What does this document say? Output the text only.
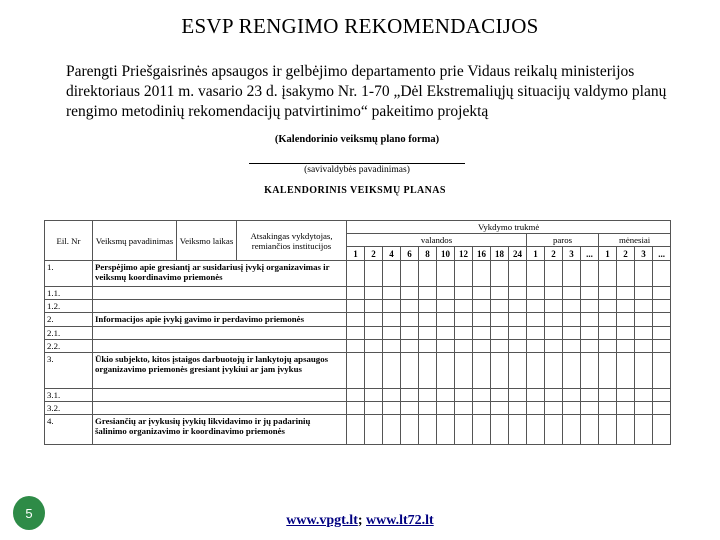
ESVP RENGIMO REKOMENDACIJOS
Parengti Priešgaisrinės apsaugos ir gelbėjimo departamento prie Vidaus reikalų ministerijos direktoriaus 2011 m. vasario 23 d. įsakymo Nr. 1-70 „Dėl Ekstremaliųjų situacijų valdymo planų rengimo metodinių rekomendacijų patvirtinimo“ pakeitimo projektą
(Kalendorinio veiksmų plano forma)
(savivaldybės pavadinimas)
KALENDORINIS VEIKSMŲ PLANAS
Eil. Nr	Veiksmų pavadinimas	Veiksmo laikas	Atsakingas vykdytojas, remiančios institucijos	Vykdymo trukmė																	
				valandos										paros				mėnesiai			
				1	2	4	6	8	10	12	16	18	24	1	2	3	...	1	2	3	...
1.	Perspėjimo apie gresiantį ar susidariusį įvykį organizavimas ir veiksmų koordinavimo priemonės																				
1.1.																					
1.2.																					
2.	Informacijos apie įvykį gavimo ir perdavimo priemonės																				
2.1.																					
2.2.																					
3.	Ūkio subjekto, kitos įstaigos darbuotojų ir lankytojų apsaugos organizavimo priemonės gresiant įvykiui ar jam įvykus																				
3.1.																					
3.2.																					
4.	Gresiančių ar įvykusių įvykių likvidavimo ir jų padarinių šalinimo organizavimo ir koordinavimo priemonės																				
5	www.vpgt.lt; www.lt72.lt
